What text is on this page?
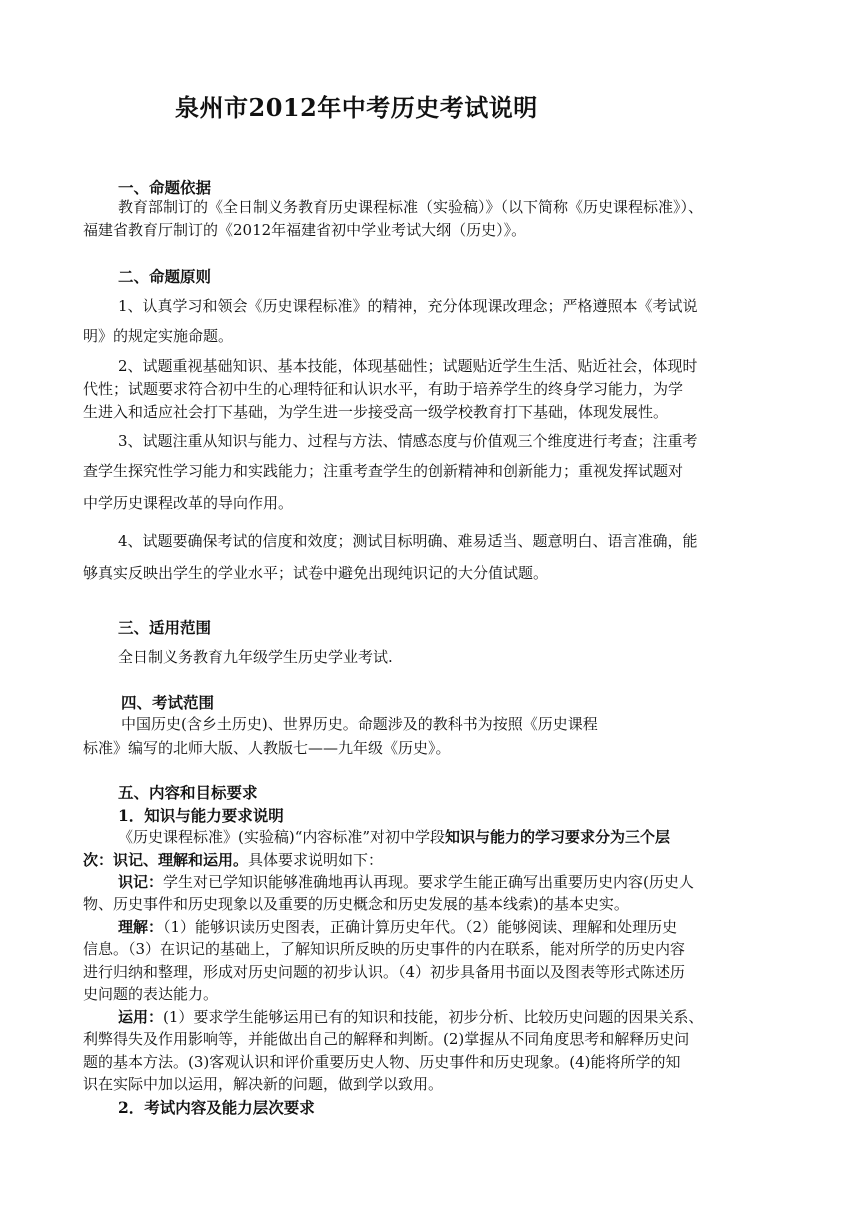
泉州市2012年中考历史考试说明
一、命题依据
教育部制订的《全日制义务教育历史课程标准（实验稿）》（以下简称《历史课程标准》）、
福建省教育厅制订的《2012年福建省初中学业考试大纲（历史）》。
二、命题原则
1、认真学习和领会《历史课程标准》的精神，充分体现课改理念；严格遵照本《考试说
明》的规定实施命题。
2、试题重视基础知识、基本技能，体现基础性；试题贴近学生生活、贴近社会，体现时
代性；试题要求符合初中生的心理特征和认识水平，有助于培养学生的终身学习能力，为学
生进入和适应社会打下基础，为学生进一步接受高一级学校教育打下基础，体现发展性。
3、试题注重从知识与能力、过程与方法、情感态度与价值观三个维度进行考查；注重考
查学生探究性学习能力和实践能力；注重考查学生的创新精神和创新能力；重视发挥试题对
中学历史课程改革的导向作用。
4、试题要确保考试的信度和效度；测试目标明确、难易适当、题意明白、语言准确，能
够真实反映出学生的学业水平；试卷中避免出现纯识记的大分值试题。
三、适用范围
全日制义务教育九年级学生历史学业考试.
四、考试范围
中国历史(含乡土历史)、世界历史。命题涉及的教科书为按照《历史课程
标准》编写的北师大版、人教版七——九年级《历史》。
五、内容和目标要求
1．知识与能力要求说明
《历史课程标准》(实验稿)“内容标准”对初中学段知识与能力的学习要求分为三个层
次：识记、理解和运用。具体要求说明如下：
识记：学生对已学知识能够准确地再认再现。要求学生能正确写出重要历史内容(历史人
物、历史事件和历史现象以及重要的历史概念和历史发展的基本线索)的基本史实。
理解：（1）能够识读历史图表，正确计算历史年代。（2）能够阅读、理解和处理历史
信息。（3）在识记的基础上，了解知识所反映的历史事件的内在联系，能对所学的历史内容
进行归纳和整理，形成对历史问题的初步认识。（4）初步具备用书面以及图表等形式陈述历
史问题的表达能力。
运用：(1）要求学生能够运用已有的知识和技能，初步分析、比较历史问题的因果关系、
利弊得失及作用影响等，并能做出自己的解释和判断。(2)掌握从不同角度思考和解释历史问
题的基本方法。(3)客观认识和评价重要历史人物、历史事件和历史现象。(4)能将所学的知
识在实际中加以运用，解决新的问题，做到学以致用。
2．考试内容及能力层次要求
